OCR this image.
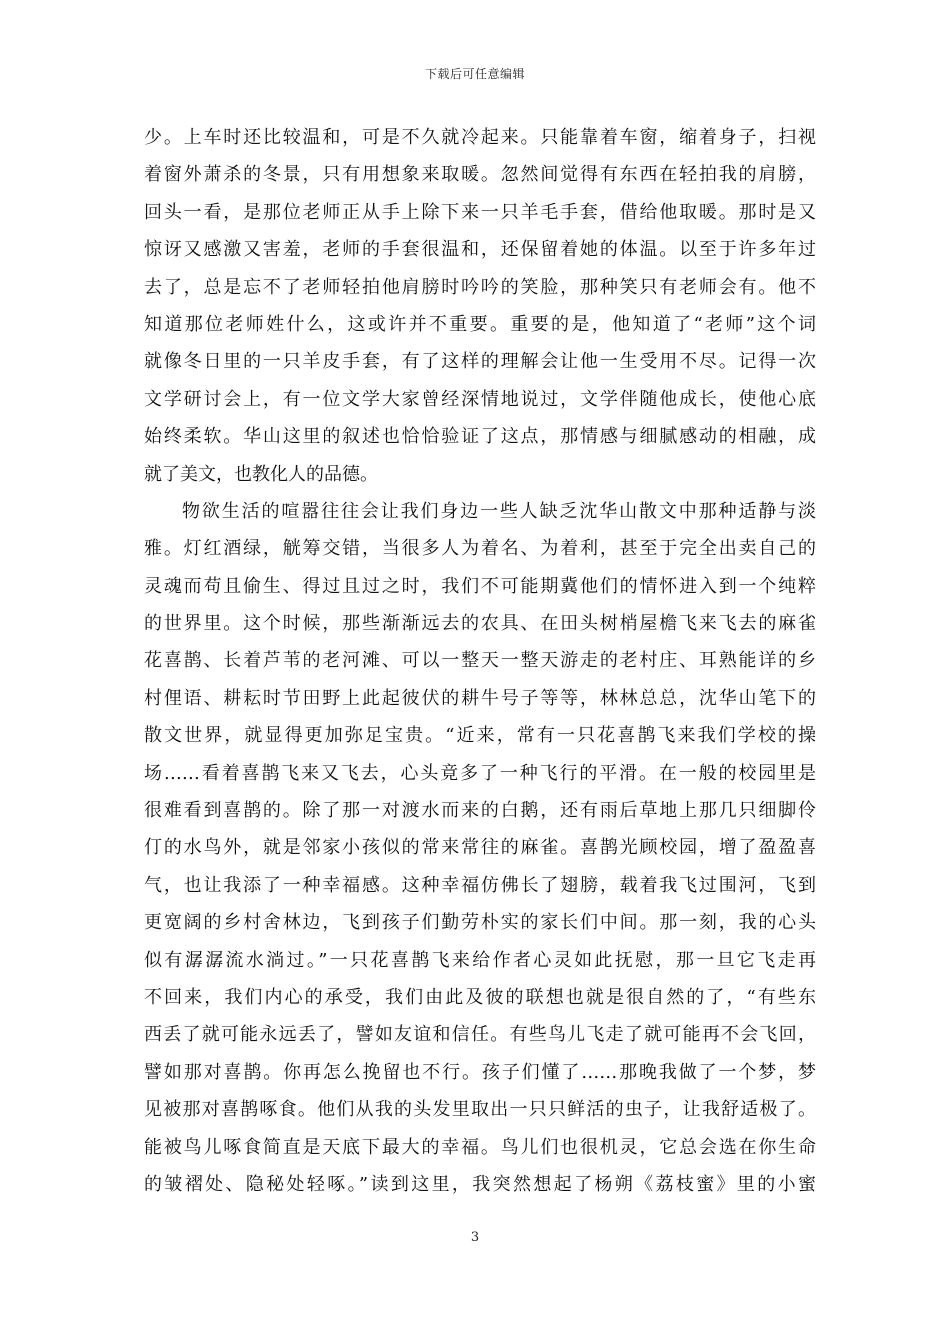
下载后可任意编辑
少。上车时还比较温和，可是不久就冷起来。只能靠着车窗，缩着身子，扫视
着窗外萧杀的冬景，只有用想象来取暖。忽然间觉得有东西在轻拍我的肩膀，
回头一看，是那位老师正从手上除下来一只羊毛手套，借给他取暖。那时是又
惊讶又感激又害羞，老师的手套很温和，还保留着她的体温。以至于许多年过
去了，总是忘不了老师轻拍他肩膀时吟吟的笑脸，那种笑只有老师会有。他不
知道那位老师姓什么，这或许并不重要。重要的是，他知道了“老师”这个词
就像冬日里的一只羊皮手套，有了这样的理解会让他一生受用不尽。记得一次
文学研讨会上，有一位文学大家曾经深情地说过，文学伴随他成长，使他心底
始终柔软。华山这里的叙述也恰恰验证了这点，那情感与细腻感动的相融，成
就了美文，也教化人的品德。
物欲生活的喧嚣往往会让我们身边一些人缺乏沈华山散文中那种适静与淡
雅。灯红酒绿，觥筹交错，当很多人为着名、为着利，甚至于完全出卖自己的
灵魂而苟且偷生、得过且过之时，我们不可能期冀他们的情怀进入到一个纯粹
的世界里。这个时候，那些渐渐远去的农具、在田头树梢屋檐飞来飞去的麻雀
花喜鹊、长着芦苇的老河滩、可以一整天一整天游走的老村庄、耳熟能详的乡
村俚语、耕耘时节田野上此起彼伏的耕牛号子等等，林林总总，沈华山笔下的
散文世界，就显得更加弥足宝贵。“近来，常有一只花喜鹊飞来我们学校的操
场……看着喜鹊飞来又飞去，心头竟多了一种飞行的平滑。在一般的校园里是
很难看到喜鹊的。除了那一对渡水而来的白鹅，还有雨后草地上那几只细脚伶
仃的水鸟外，就是邻家小孩似的常来常往的麻雀。喜鹊光顾校园，增了盈盈喜
气，也让我添了一种幸福感。这种幸福仿佛长了翅膀，载着我飞过围河，飞到
更宽阔的乡村舍林边，飞到孩子们勤劳朴实的家长们中间。那一刻，我的心头
似有潺潺流水淌过。”一只花喜鹊飞来给作者心灵如此抚慰，那一旦它飞走再
不回来，我们内心的承受，我们由此及彼的联想也就是很自然的了，“有些东
西丢了就可能永远丢了，譬如友谊和信任。有些鸟儿飞走了就可能再不会飞回，
譬如那对喜鹊。你再怎么挽留也不行。孩子们懂了……那晚我做了一个梦，梦
见被那对喜鹊啄食。他们从我的头发里取出一只只鲜活的虫子，让我舒适极了。
能被鸟儿啄食简直是天底下最大的幸福。鸟儿们也很机灵，它总会选在你生命
的皱褶处、隐秘处轻啄。”读到这里，我突然想起了杨朔《荔枝蜜》里的小蜜
3
